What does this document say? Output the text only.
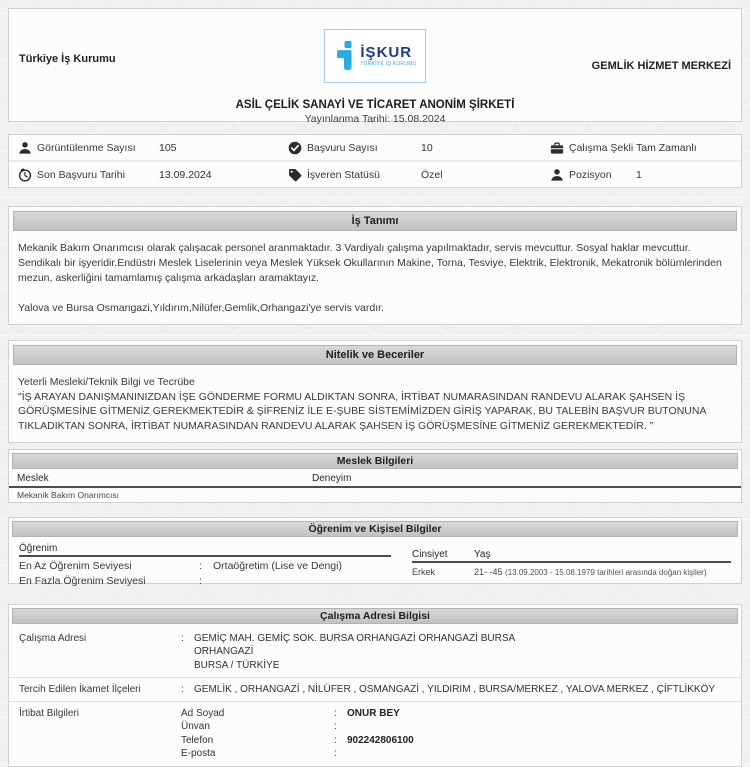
Türkiye İş Kurumu	İŞKUR
TÜRKİYE İŞ KURUMU	GEMLİK HİZMET MERKEZİ
ASİL ÇELİK SANAYİ VE TİCARET ANONİM ŞİRKETİ
Yayınlanma Tarihi: 15.08.2024
Görüntülenme Sayısı 105	Başvuru Sayısı	10	Çalışma Şekli Tam Zamanlı
Son Başvuru Tarihi	13.09.2024	İşveren Statüsü	Özel	Pozisyon 1
İş Tanımı

Mekanik Bakım Onarımcısı olarak çalışacak personel aranmaktadır. 3 Vardiyalı çalışma yapılmaktadır, servis mevcuttur. Sosyal haklar mevcuttur. Sendikalı bir işyeridir.Endüstri Meslek Liselerinin veya Meslek Yüksek Okullarının Makine, Torna, Tesviye, Elektrik, Elektronik, Mekatronik bölümlerinden mezun, askerliğini tamamlamış çalışma arkadaşları aramaktayız.

Yalova ve Bursa Osmangazi,Yıldırım,Nilüfer,Gemlik,Orhangazi'ye servis vardır.

Nitelik ve Beceriler

Yeterli Mesleki/Teknik Bilgi ve Tecrübe

"İŞ ARAYAN DANIŞMANINIZDAN İŞE GÖNDERME FORMU ALDIKTAN SONRA, İRTİBAT NUMARASINDAN RANDEVU ALARAK ŞAHSEN İŞ GÖRÜŞMESİNE GİTMENİZ GEREKMEKTEDİR & ŞİFRENİZ İLE E-ŞUBE SİSTEMİMİZDEN GİRİŞ YAPARAK, BU TALEBİN BAŞVUR BUTONUNA TIKLADIKTAN SONRA, İRTİBAT NUMARASINDAN RANDEVU ALARAK ŞAHSEN İŞ GÖRÜŞMESİNE GİTMENİZ GEREKMEKTEDİR. ”

Meslek Bilgileri
Meslek	Deneyim
Mekanik Bakım Onarımcısı
Öğrenim ve Kişisel Bilgiler
Öğrenim
En Az Öğrenim Seviyesi	:	Ortaöğretim (Lise ve Dengi)
En Fazla Öğrenim Seviyesi	:
Cinsiyet	Yaş
Erkek	21- -45 (13.09.2003 - 15.08.1979 tarihleri arasında doğan kişiler)
Çalışma Adresi Bilgisi
Çalışma Adresi	:	GEMİÇ MAH. GEMİÇ SOK. BURSA ORHANGAZİ ORHANGAZİ BURSA
ORHANGAZİ
BURSA / TÜRKİYE
Tercih Edilen İkamet İlçeleri	:	GEMLİK , ORHANGAZİ , NİLÜFER , OSMANGAZİ , YILDIRIM , BURSA/MERKEZ , YALOVA MERKEZ , ÇİFTLİKKÖY
İrtibat Bilgileri	Ad Soyad	:	ONUR BEY
Ünvan	:
Telefon	:	902242806100
E-posta	:
